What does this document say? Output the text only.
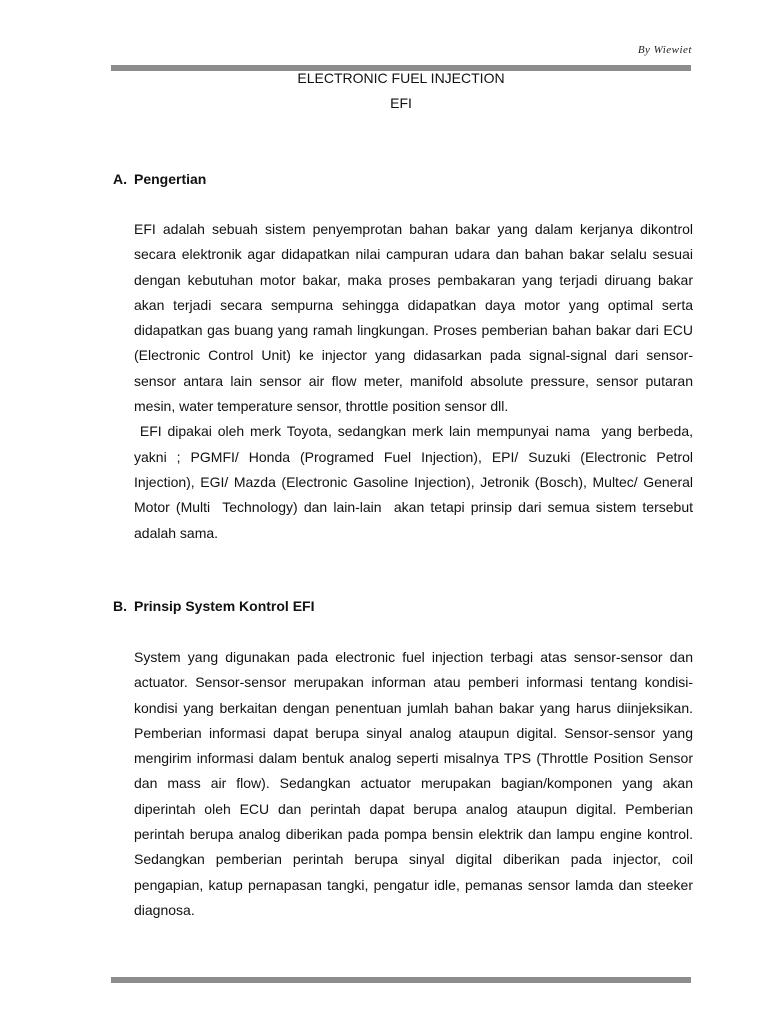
By Wiewiet
ELECTRONIC FUEL INJECTION
EFI
A. Pengertian

EFI adalah sebuah sistem penyemprotan bahan bakar yang dalam kerjanya dikontrol secara elektronik agar didapatkan nilai campuran udara dan bahan bakar selalu sesuai dengan kebutuhan motor bakar, maka proses pembakaran yang terjadi diruang bakar akan terjadi secara sempurna sehingga didapatkan daya motor yang optimal serta didapatkan gas buang yang ramah lingkungan. Proses pemberian bahan bakar dari ECU (Electronic Control Unit) ke injector yang didasarkan pada signal-signal dari sensor-sensor antara lain sensor air flow meter, manifold absolute pressure, sensor putaran mesin, water temperature sensor, throttle position sensor dll.

EFI dipakai oleh merk Toyota, sedangkan merk lain mempunyai nama  yang berbeda, yakni ; PGMFI/ Honda (Programed Fuel Injection), EPI/ Suzuki (Electronic Petrol Injection), EGI/ Mazda (Electronic Gasoline Injection), Jetronik (Bosch), Multec/ General Motor (Multi  Technology) dan lain-lain  akan tetapi prinsip dari semua sistem tersebut adalah sama.

B. Prinsip System Kontrol EFI

System yang digunakan pada electronic fuel injection terbagi atas sensor-sensor dan actuator. Sensor-sensor merupakan informan atau pemberi informasi tentang kondisi-kondisi yang berkaitan dengan penentuan jumlah bahan bakar yang harus diinjeksikan. Pemberian informasi dapat berupa sinyal analog ataupun digital. Sensor-sensor yang mengirim informasi dalam bentuk analog seperti misalnya TPS (Throttle Position Sensor dan mass air flow). Sedangkan actuator merupakan bagian/komponen yang akan diperintah oleh ECU dan perintah dapat berupa analog ataupun digital. Pemberian perintah berupa analog diberikan pada pompa bensin elektrik dan lampu engine kontrol. Sedangkan pemberian perintah berupa sinyal digital diberikan pada injector, coil pengapian, katup pernapasan tangki, pengatur idle, pemanas sensor lamda dan steeker diagnosa.
